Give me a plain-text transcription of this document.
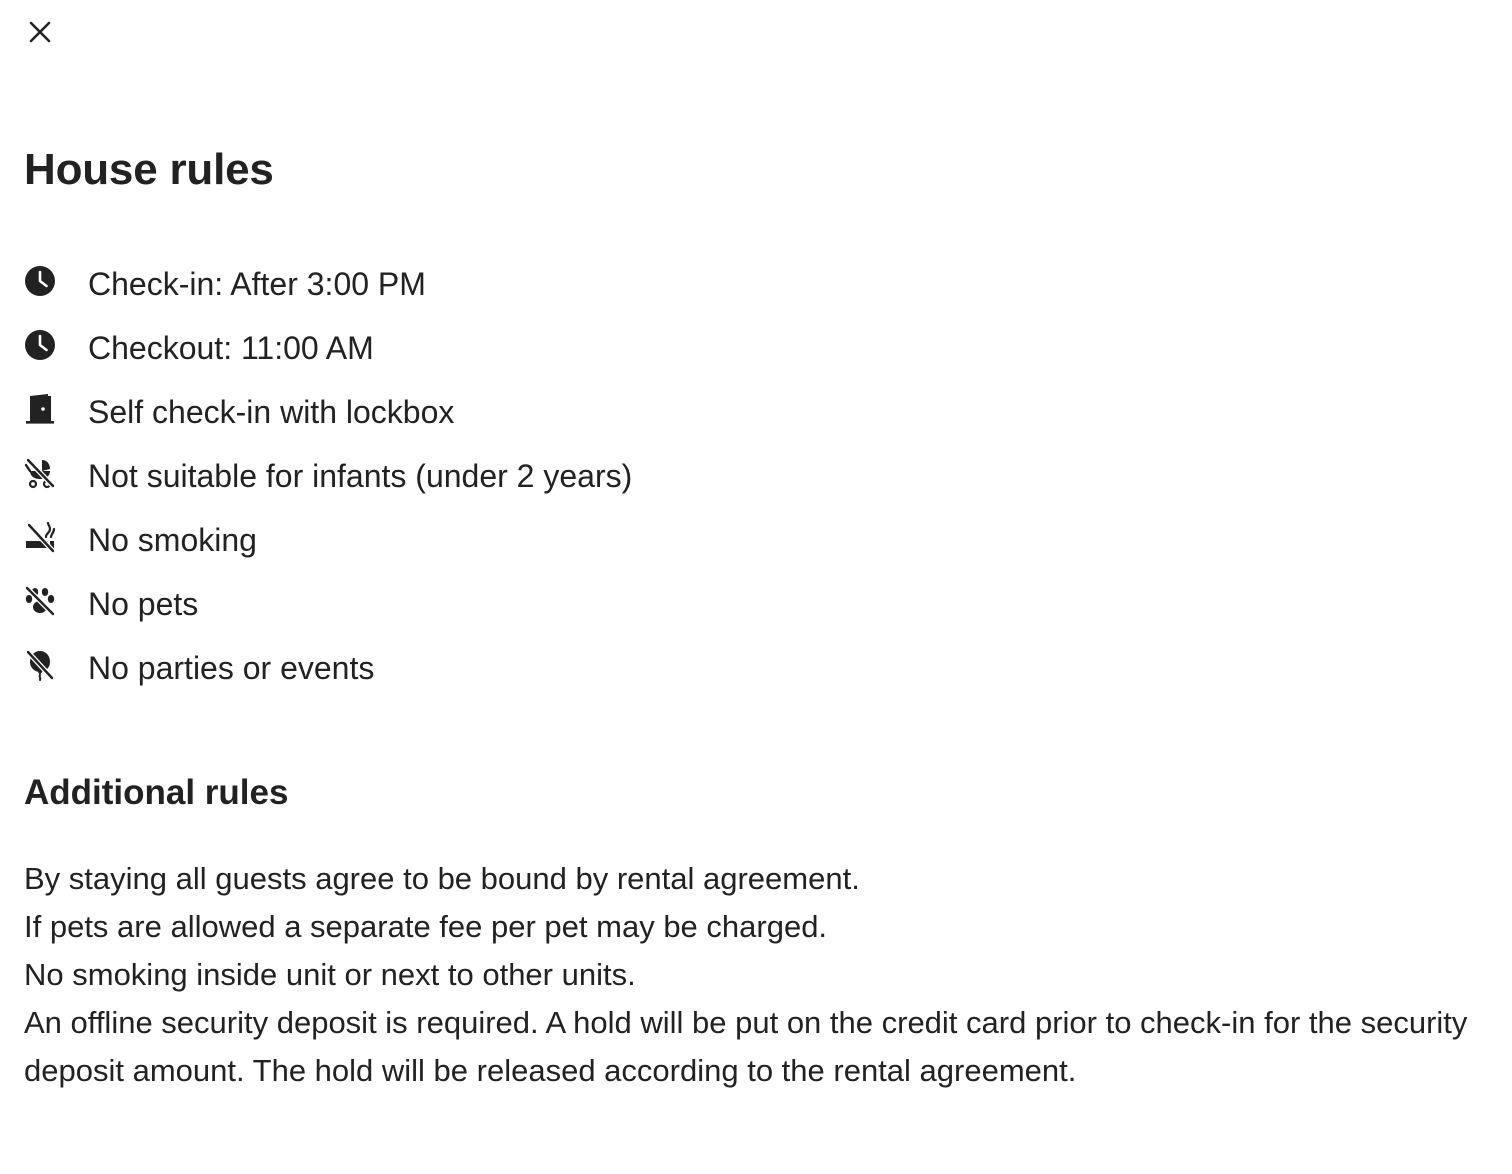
House rules
Check-in: After 3:00 PM
Checkout: 11:00 AM
Self check-in with lockbox
Not suitable for infants (under 2 years)
No smoking
No pets
No parties or events
Additional rules
By staying all guests agree to be bound by rental agreement.
If pets are allowed a separate fee per pet may be charged.
No smoking inside unit or next to other units.
An offline security deposit is required. A hold will be put on the credit card prior to check-in for the security deposit amount. The hold will be released according to the rental agreement.
